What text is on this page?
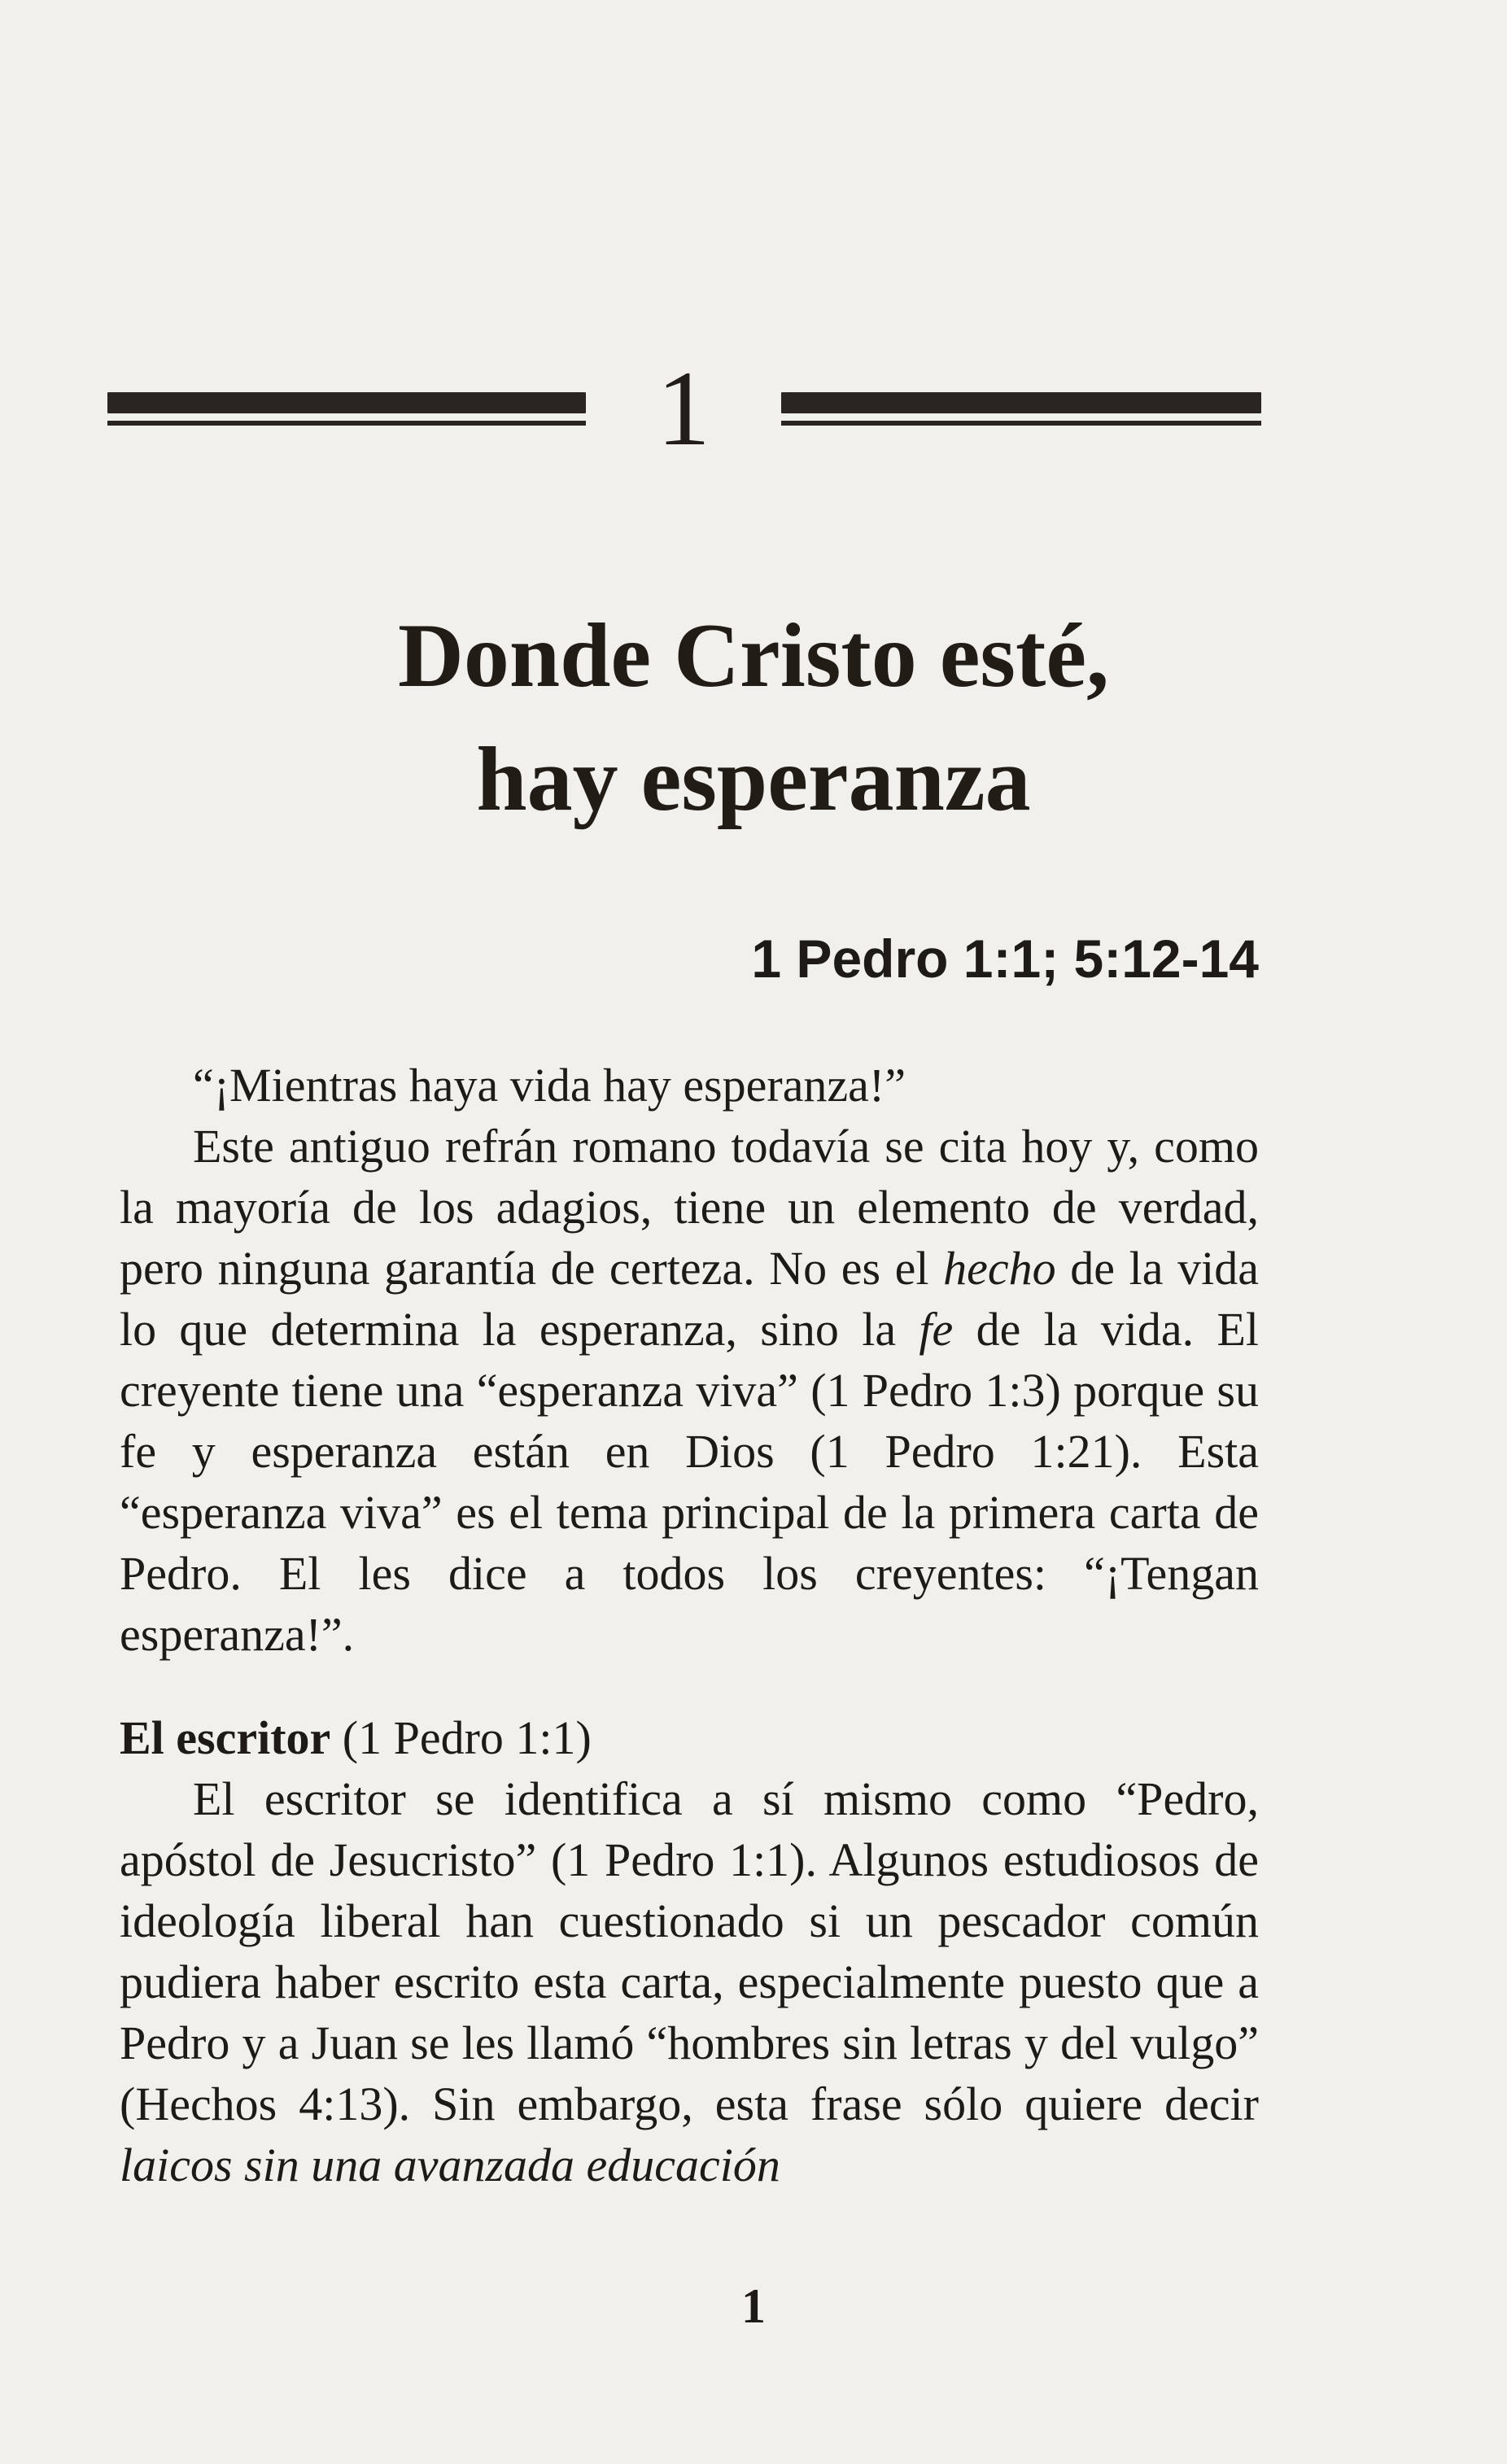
1
Donde Cristo esté,
hay esperanza
1 Pedro 1:1; 5:12-14

“¡Mientras haya vida hay esperanza!”

Este antiguo refrán romano todavía se cita hoy y, como la mayoría de los adagios, tiene un elemento de verdad, pero ninguna garantía de certeza. No es el hecho de la vida lo que determina la esperanza, sino la fe de la vida. El creyente tiene una “esperanza viva” (1 Pedro 1:3) porque su fe y esperanza están en Dios (1 Pedro 1:21). Esta “esperanza viva” es el tema principal de la primera carta de Pedro. El les dice a todos los creyentes: “¡Tengan esperanza!”.

El escritor (1 Pedro 1:1)

El escritor se identifica a sí mismo como “Pedro, apóstol de Jesucristo” (1 Pedro 1:1). Algunos estudiosos de ideología liberal han cuestionado si un pescador común pudiera haber escrito esta carta, especialmente puesto que a Pedro y a Juan se les llamó “hombres sin letras y del vulgo” (Hechos 4:13). Sin embargo, esta frase sólo quiere decir laicos sin una avanzada educación

1
